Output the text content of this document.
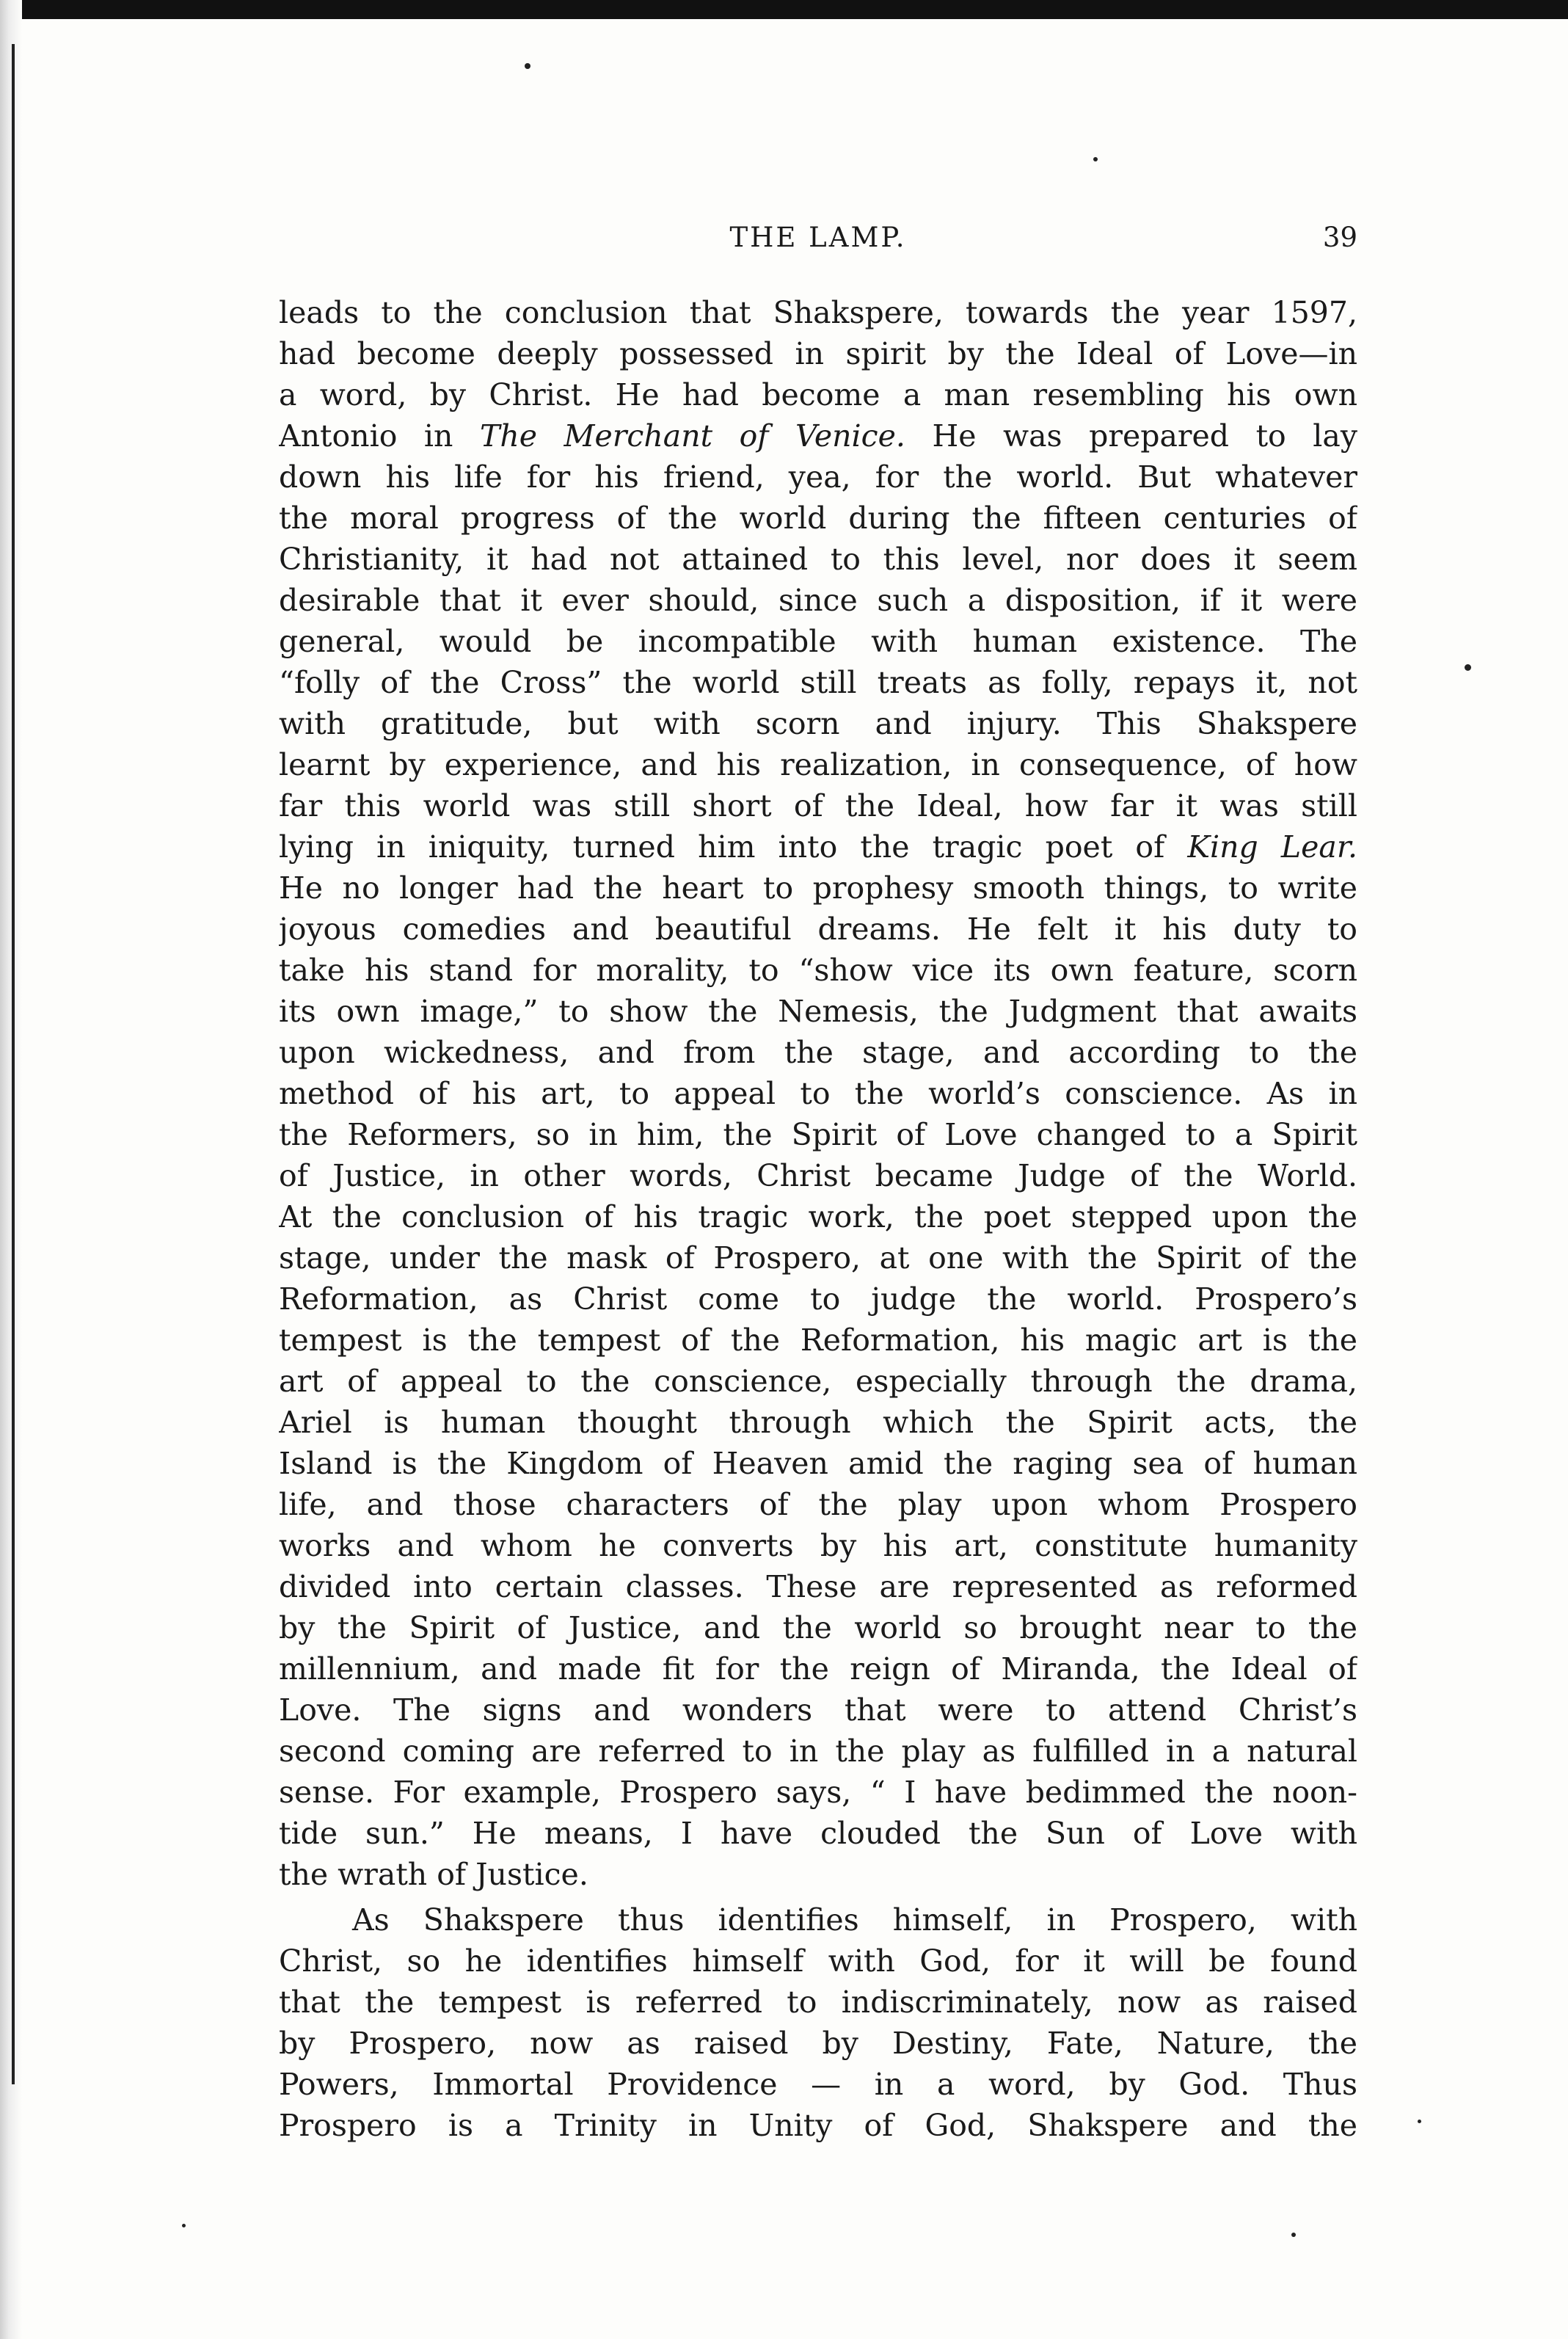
THE LAMP.	39
leads to the conclusion that Shakspere, towards the year 1597,
had become deeply possessed in spirit by the Ideal of Love—in
a word, by Christ. He had become a man resembling his own
Antonio in The Merchant of Venice. He was prepared to lay
down his life for his friend, yea, for the world. But whatever
the moral progress of the world during the fifteen centuries of
Christianity, it had not attained to this level, nor does it seem
desirable that it ever should, since such a disposition, if it were
general, would be incompatible with human existence. The
“folly of the Cross” the world still treats as folly, repays it, not
with gratitude, but with scorn and injury. This Shakspere
learnt by experience, and his realization, in consequence, of how
far this world was still short of the Ideal, how far it was still
lying in iniquity, turned him into the tragic poet of King Lear.
He no longer had the heart to prophesy smooth things, to write
joyous comedies and beautiful dreams. He felt it his duty to
take his stand for morality, to “show vice its own feature, scorn
its own image,” to show the Nemesis, the Judgment that awaits
upon wickedness, and from the stage, and according to the
method of his art, to appeal to the world’s conscience. As in
the Reformers, so in him, the Spirit of Love changed to a Spirit
of Justice, in other words, Christ became Judge of the World.
At the conclusion of his tragic work, the poet stepped upon the
stage, under the mask of Prospero, at one with the Spirit of the
Reformation, as Christ come to judge the world. Prospero’s
tempest is the tempest of the Reformation, his magic art is the
art of appeal to the conscience, especially through the drama,
Ariel is human thought through which the Spirit acts, the
Island is the Kingdom of Heaven amid the raging sea of human
life, and those characters of the play upon whom Prospero
works and whom he converts by his art, constitute humanity
divided into certain classes. These are represented as reformed
by the Spirit of Justice, and the world so brought near to the
millennium, and made fit for the reign of Miranda, the Ideal of
Love. The signs and wonders that were to attend Christ’s
second coming are referred to in the play as fulfilled in a natural
sense. For example, Prospero says, “ I have bedimmed the noon-
tide sun.” He means, I have clouded the Sun of Love with
the wrath of Justice.
As Shakspere thus identifies himself, in Prospero, with
Christ, so he identifies himself with God, for it will be found
that the tempest is referred to indiscriminately, now as raised
by Prospero, now as raised by Destiny, Fate, Nature, the
Powers, Immortal Providence — in a word, by God. Thus
Prospero is a Trinity in Unity of God, Shakspere and the
